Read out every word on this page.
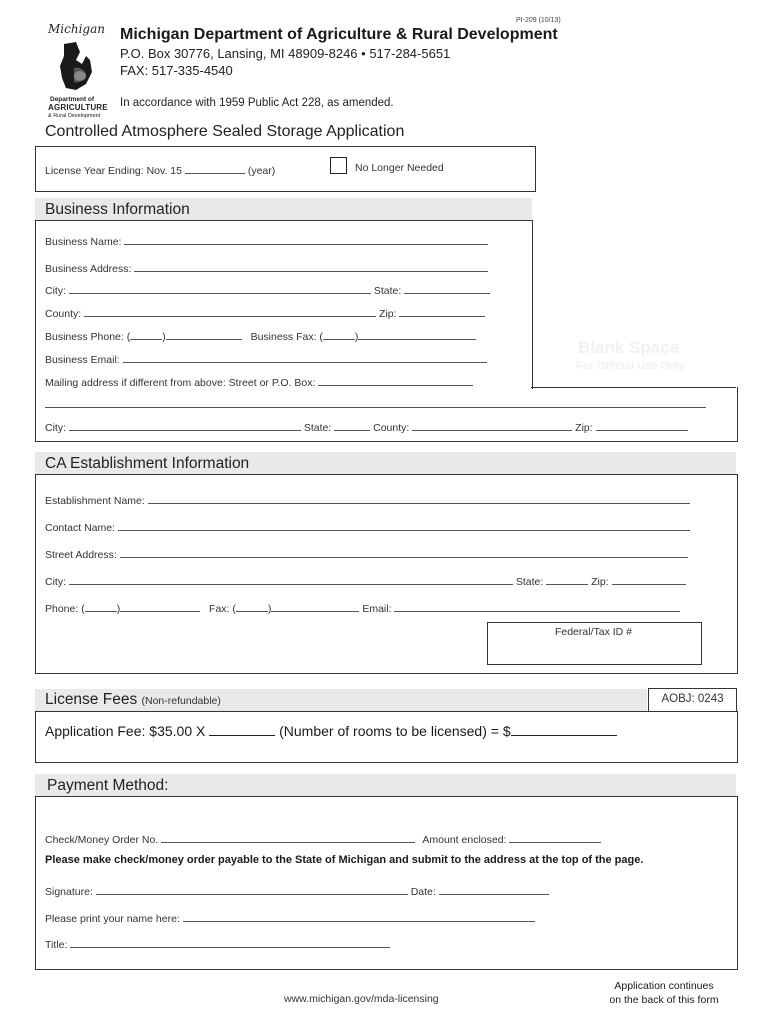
PI-209 (10/13)
Michigan
Department of
AGRICULTURE
& Rural Development
Michigan Department of Agriculture & Rural Development
P.O. Box 30776, Lansing, MI 48909-8246 • 517-284-5651
FAX: 517-335-4540
In accordance with 1959 Public Act 228, as amended.
Controlled Atmosphere Sealed Storage Application
License Year Ending: Nov. 15	(year)	No Longer Needed
Business Information
Business Name:
Business Address:
City:	State:
County:	Zip:
Business Phone: (	)	Business Fax: (	)
Business Email:
Mailing address if different from above: Street or P.O. Box:
City:	State:	County:	Zip:
Blank Space
For Official Use Only
CA Establishment Information
Establishment Name:
Contact Name:
Street Address:
City:	State:	Zip:
Phone: (	)	Fax: (	)	Email:
Federal/Tax ID #
License Fees (Non-refundable)	AOBJ: 0243
Application Fee: $35.00 X	(Number of rooms to be licensed) = $
Payment Method:
Check/Money Order No.	Amount enclosed:
Please make check/money order payable to the State of Michigan and submit to the address at the top of the page.
Signature:	Date:
Please print your name here:
Title:
www.michigan.gov/mda-licensing
Application continues
on the back of this form
